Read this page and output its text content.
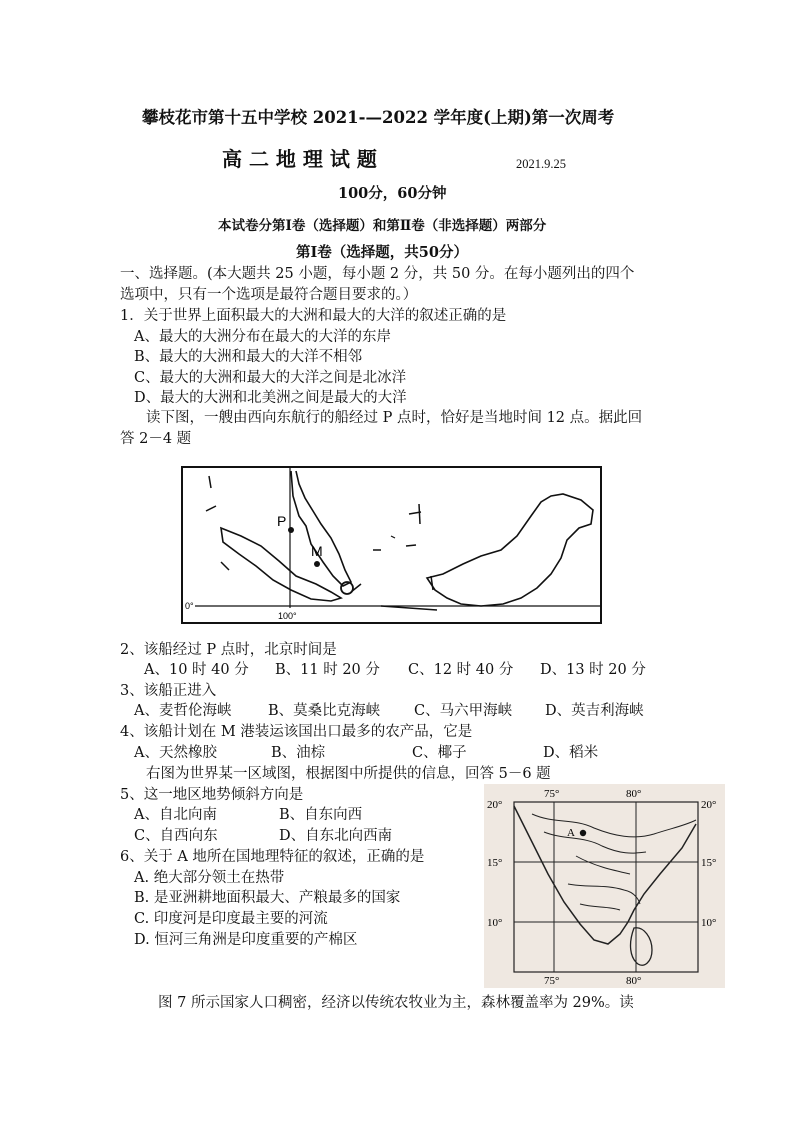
攀枝花市第十五中学校 2021-—2022 学年度(上期)第一次周考
高 二 地 理 试 题	2021.9.25
100分，60分钟
本试卷分第Ⅰ卷（选择题）和第Ⅱ卷（非选择题）两部分
第Ⅰ卷（选择题，共50分）
一、选择题。(本大题共 25 小题，每小题 2 分，共 50 分。在每小题列出的四个
选项中，只有一个选项是最符合题目要求的。）
1．关于世界上面积最大的大洲和最大的大洋的叙述正确的是
A、最大的大洲分布在最大的大洋的东岸
B、最大的大洲和最大的大洋不相邻
C、最大的大洲和最大的大洋之间是北冰洋
D、最大的大洲和北美洲之间是最大的大洋
读下图，一艘由西向东航行的船经过 P 点时，恰好是当地时间 12 点。据此回
答 2－4 题
P
M
0°
100°
2、该船经过 P 点时，北京时间是
A、10 时 40 分 B、11 时 20 分 C、12 时 40 分 D、13 时 20 分
3、该船正进入
A、麦哲伦海峡	B、莫桑比克海峡 C、马六甲海峡 D、英吉利海峡
4、该船计划在 M 港装运该国出口最多的农产品，它是
A、天然橡胶	B、油棕	C、椰子	D、稻米
右图为世界某一区域图，根据图中所提供的信息，回答 5－6 题
5、这一地区地势倾斜方向是
A、自北向南	B、自东向西
C、自西向东	D、自东北向西南
6、关于 A 地所在国地理特征的叙述，正确的是
A. 绝大部分领土在热带
B. 是亚洲耕地面积最大、产粮最多的国家
C. 印度河是印度最主要的河流
D. 恒河三角洲是印度重要的产棉区
A
75°	80°
75°	80°
20°
15°
10°
20°
15°
10°
图 7 所示国家人口稠密，经济以传统农牧业为主，森林覆盖率为 29%。读
